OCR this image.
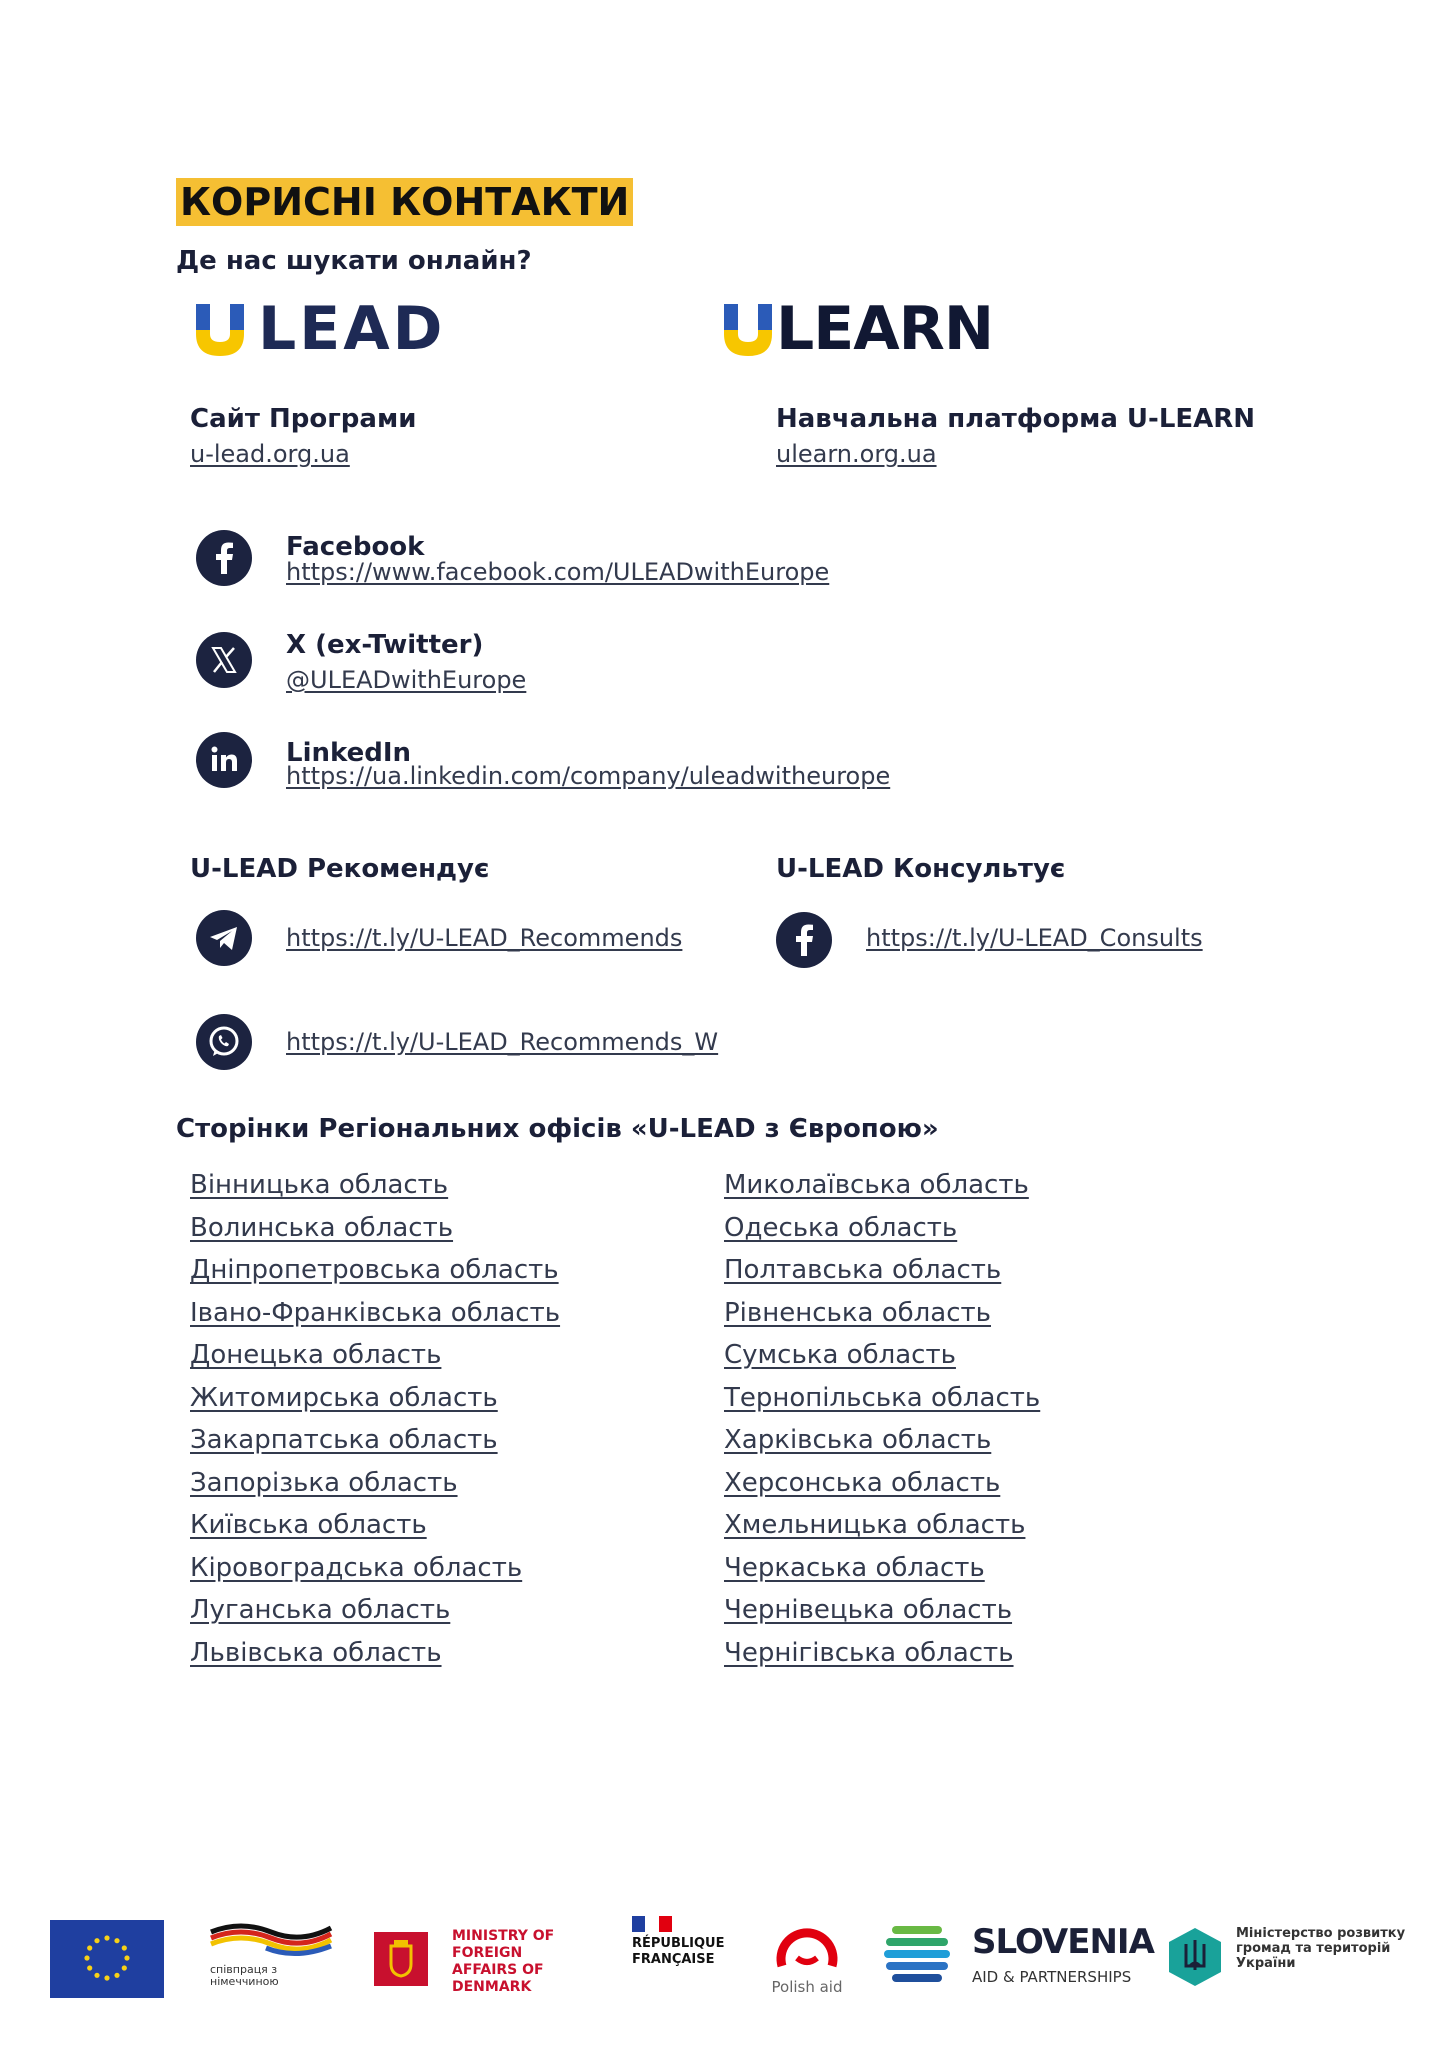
КОРИСНІ КОНТАКТИ
Де нас шукати онлайн?
LEAD	LEARN
Сайт Програми
u-lead.org.ua
Навчальна платформа U-LEARN
ulearn.org.ua
Facebook
https://www.facebook.com/ULEADwithEurope
X (ex-Twitter)
@ULEADwithEurope
LinkedIn
https://ua.linkedin.com/company/uleadwitheurope
U-LEAD Рекомендує	U-LEAD Консультує
https://t.ly/U-LEAD_Recommends	https://t.ly/U-LEAD_Consults
https://t.ly/U-LEAD_Recommends_W
Сторінки Регіональних офісів «U-LEAD з Європою»
Вінницька область
Волинська область
Дніпропетровська область
Івано-Франківська область
Донецька область
Житомирська область
Закарпатська область
Запорізька область
Київська область
Кіровоградська область
Луганська область
Львівська область
Миколаївська область
Одеська область
Полтавська область
Рівненська область
Сумська область
Тернопільська область
Харківська область
Херсонська область
Хмельницька область
Черкаська область
Чернівецька область
Чернігівська область
співпраця з німеччиною
MINISTRY OF FOREIGN AFFAIRS OF DENMARK
RÉPUBLIQUE FRANÇAISE
Polish aid
SLOVENIA
AID & PARTNERSHIPS
Міністерство розвитку громад та територій України
